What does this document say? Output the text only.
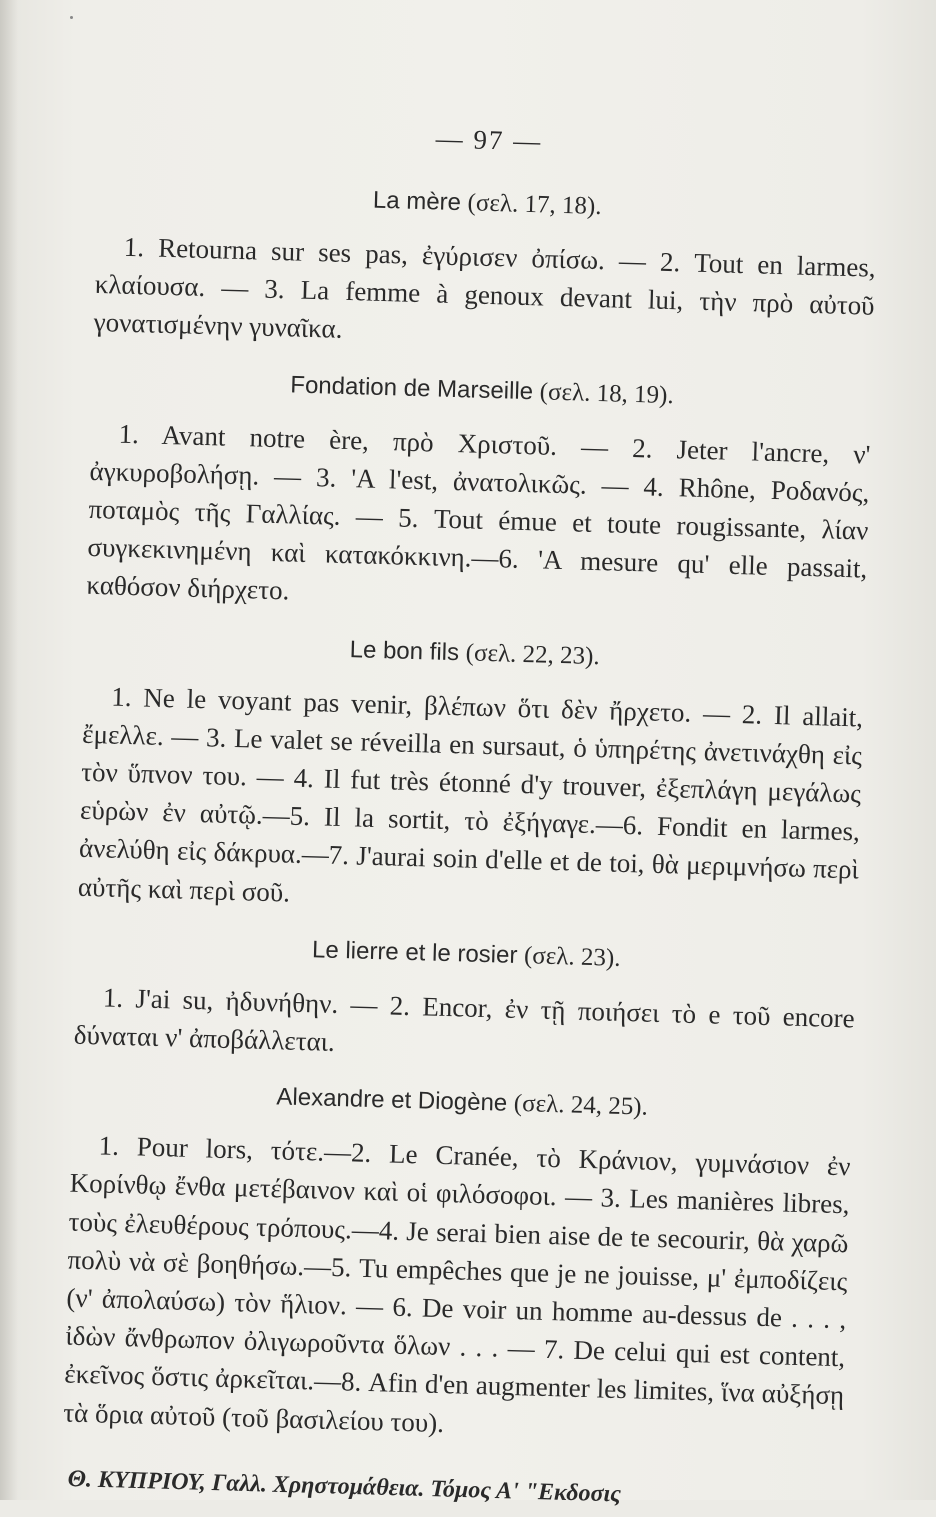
— 97 —
La mère (σελ. 17, 18).

1. Retourna sur ses pas, ἐγύρισεν ὀπίσω. — 2. Tout en larmes, κλαίουσα. — 3. La femme à genoux devant lui, τὴν πρὸ αὐτοῦ γονατισμένην γυναῖκα.

Fondation de Marseille (σελ. 18, 19).

1. Avant notre ère, πρὸ Χριστοῦ. — 2. Jeter l'ancre, ν' ἀγκυροβολήσῃ. — 3. 'A l'est, ἀνατολικῶς. — 4. Rhône, Ροδανός, ποταμὸς τῆς Γαλλίας. — 5. Tout émue et toute rougissante, λίαν συγκεκινημένη καὶ κατακόκκινη.—6. 'A mesure qu' elle passait, καθόσον διήρχετο.

Le bon fils (σελ. 22, 23).

1. Ne le voyant pas venir, βλέπων ὅτι δὲν ἤρχετο. — 2. Il allait, ἔμελλε. — 3. Le valet se réveilla en sursaut, ὁ ὑπηρέτης ἀνετινάχθη εἰς τὸν ὕπνον του. — 4. Il fut très étonné d'y trouver, ἐξεπλάγη μεγάλως εὑρὼν ἐν αὐτῷ.—5. Il la sortit, τὸ ἐξήγαγε.—6. Fondit en larmes, ἀνελύθη εἰς δάκρυα.—7. J'aurai soin d'elle et de toi, θὰ μεριμνήσω περὶ αὐτῆς καὶ περὶ σοῦ.

Le lierre et le rosier (σελ. 23).

1. J'ai su, ἠδυνήθην. — 2. Encor, ἐν τῇ ποιήσει τὸ e τοῦ encore δύναται ν' ἀποβάλλεται.

Alexandre et Diogène (σελ. 24, 25).

1. Pour lors, τότε.—2. Le Cranée, τὸ Κράνιον, γυμνάσιον ἐν Κορίνθῳ ἔνθα μετέβαινον καὶ οἱ φιλόσοφοι. — 3. Les manières libres, τοὺς ἐλευθέρους τρόπους.—4. Je serai bien aise de te secourir, θὰ χαρῶ πολὺ νὰ σὲ βοηθήσω.—5. Tu empêches que je ne jouisse, μ' ἐμποδίζεις (ν' ἀπολαύσω) τὸν ἥλιον. — 6. De voir un homme au-dessus de . . . , ἰδὼν ἄνθρωπον ὀλιγωροῦντα ὅλων . . . — 7. De celui qui est content, ἐκεῖνος ὅστις ἀρκεῖται.—8. Afin d'en augmenter les limites, ἵνα αὐξήσῃ τὰ ὅρια αὐτοῦ (τοῦ βασιλείου του).

Θ. ΚΥΠΡΙΟΥ, Γαλλ. Χρηστομάθεια. Τόμος Α' "Εκδοσις
